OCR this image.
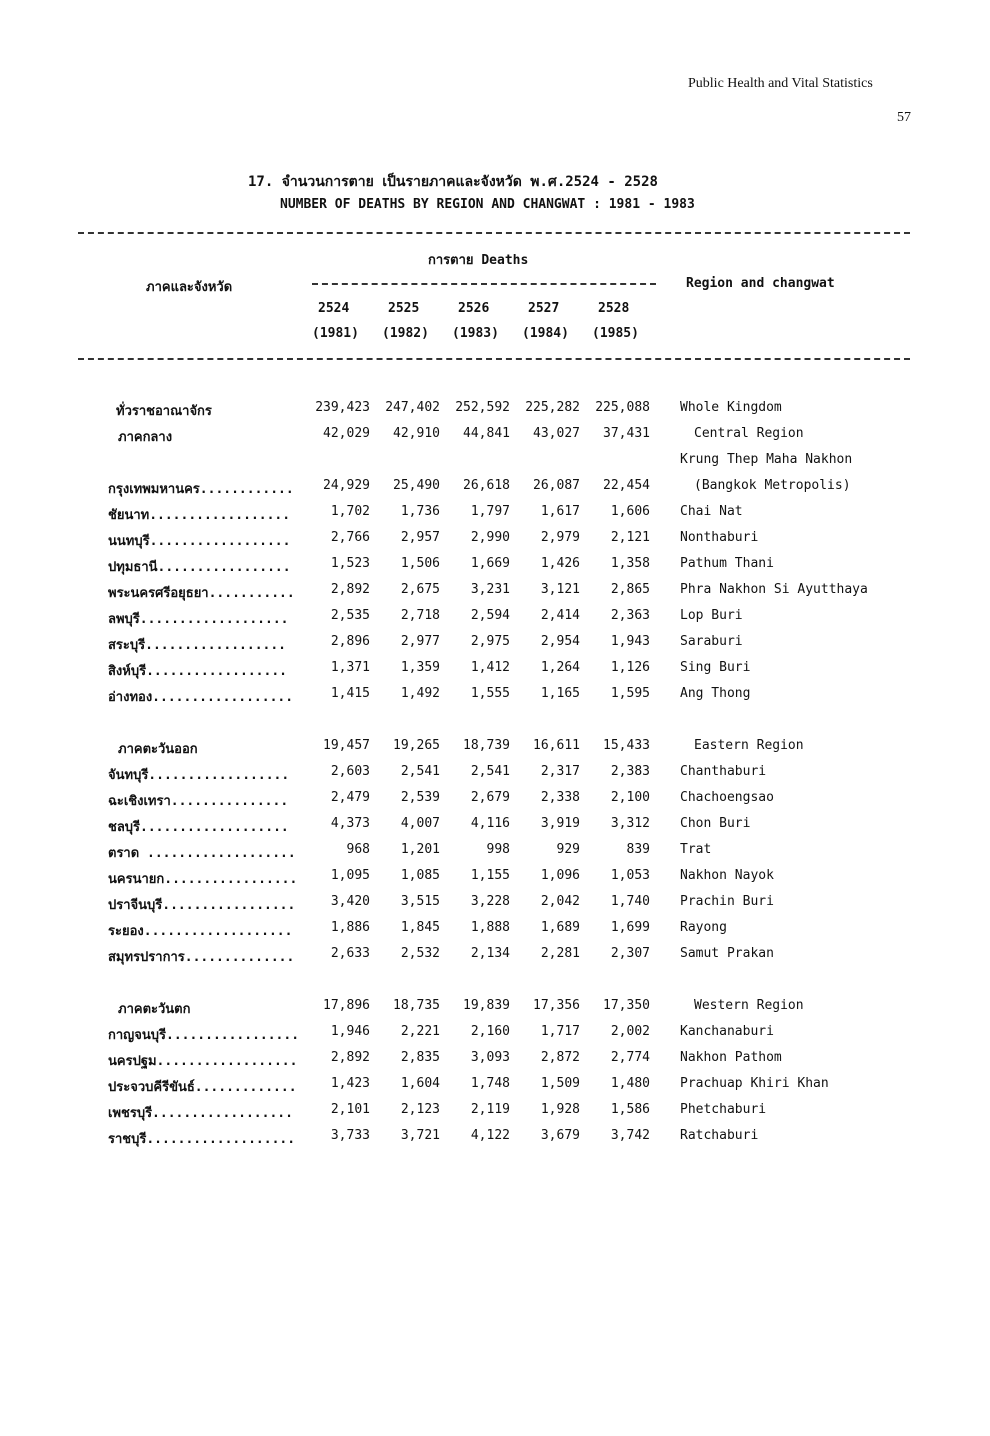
Public Health and Vital Statistics
57
17. จำนวนการตาย เป็นรายภาคและจังหวัด พ.ศ.2524 - 2528
NUMBER OF DEATHS BY REGION AND CHANGWAT : 1981 - 1983
การตาย Deaths
ภาคและจังหวัด	Region and changwat
2524	2525	2526	2527	2528
(1981) (1982) (1983) (1984) (1985)
ทั่วราชอาณาจักร	239,423	247,402	252,592	225,282	225,088 Whole Kingdom
ภาคกลาง	42,029	42,910	44,841	43,027	37,431	Central Region
Krung Thep Maha Nakhon
กรุงเทพมหานคร............	24,929	25,490	26,618	26,087	22,454	(Bangkok Metropolis)
ชัยนาท..................	1,702	1,736	1,797	1,617	1,606 Chai Nat
นนทบุรี..................	2,766	2,957	2,990	2,979	2,121 Nonthaburi
ปทุมธานี.................	1,523	1,506	1,669	1,426	1,358 Pathum Thani
พระนครศรีอยุธยา...........	2,892	2,675	3,231	3,121	2,865 Phra Nakhon Si Ayutthaya
ลพบุรี...................	2,535	2,718	2,594	2,414	2,363 Lop Buri
สระบุรี..................	2,896	2,977	2,975	2,954	1,943 Saraburi
สิงห์บุรี..................	1,371	1,359	1,412	1,264	1,126 Sing Buri
อ่างทอง..................	1,415	1,492	1,555	1,165	1,595 Ang Thong
ภาคตะวันออก	19,457	19,265	18,739	16,611	15,433	Eastern Region
จันทบุรี..................	2,603	2,541	2,541	2,317	2,383 Chanthaburi
ฉะเชิงเทรา...............	2,479	2,539	2,679	2,338	2,100 Chachoengsao
ชลบุรี...................	4,373	4,007	4,116	3,919	3,312 Chon Buri
ตราด ...................	968	1,201	998	929	839 Trat
นครนายก.................	1,095	1,085	1,155	1,096	1,053 Nakhon Nayok
ปราจีนบุรี.................	3,420	3,515	3,228	2,042	1,740 Prachin Buri
ระยอง...................	1,886	1,845	1,888	1,689	1,699 Rayong
สมุทรปราการ..............	2,633	2,532	2,134	2,281	2,307 Samut Prakan
ภาคตะวันตก	17,896	18,735	19,839	17,356	17,350	Western Region
กาญจนบุรี.................	1,946	2,221	2,160	1,717	2,002 Kanchanaburi
นครปฐม..................	2,892	2,835	3,093	2,872	2,774 Nakhon Pathom
ประจวบคีรีขันธ์.............	1,423	1,604	1,748	1,509	1,480 Prachuap Khiri Khan
เพชรบุรี..................	2,101	2,123	2,119	1,928	1,586 Phetchaburi
ราชบุรี...................	3,733	3,721	4,122	3,679	3,742 Ratchaburi
